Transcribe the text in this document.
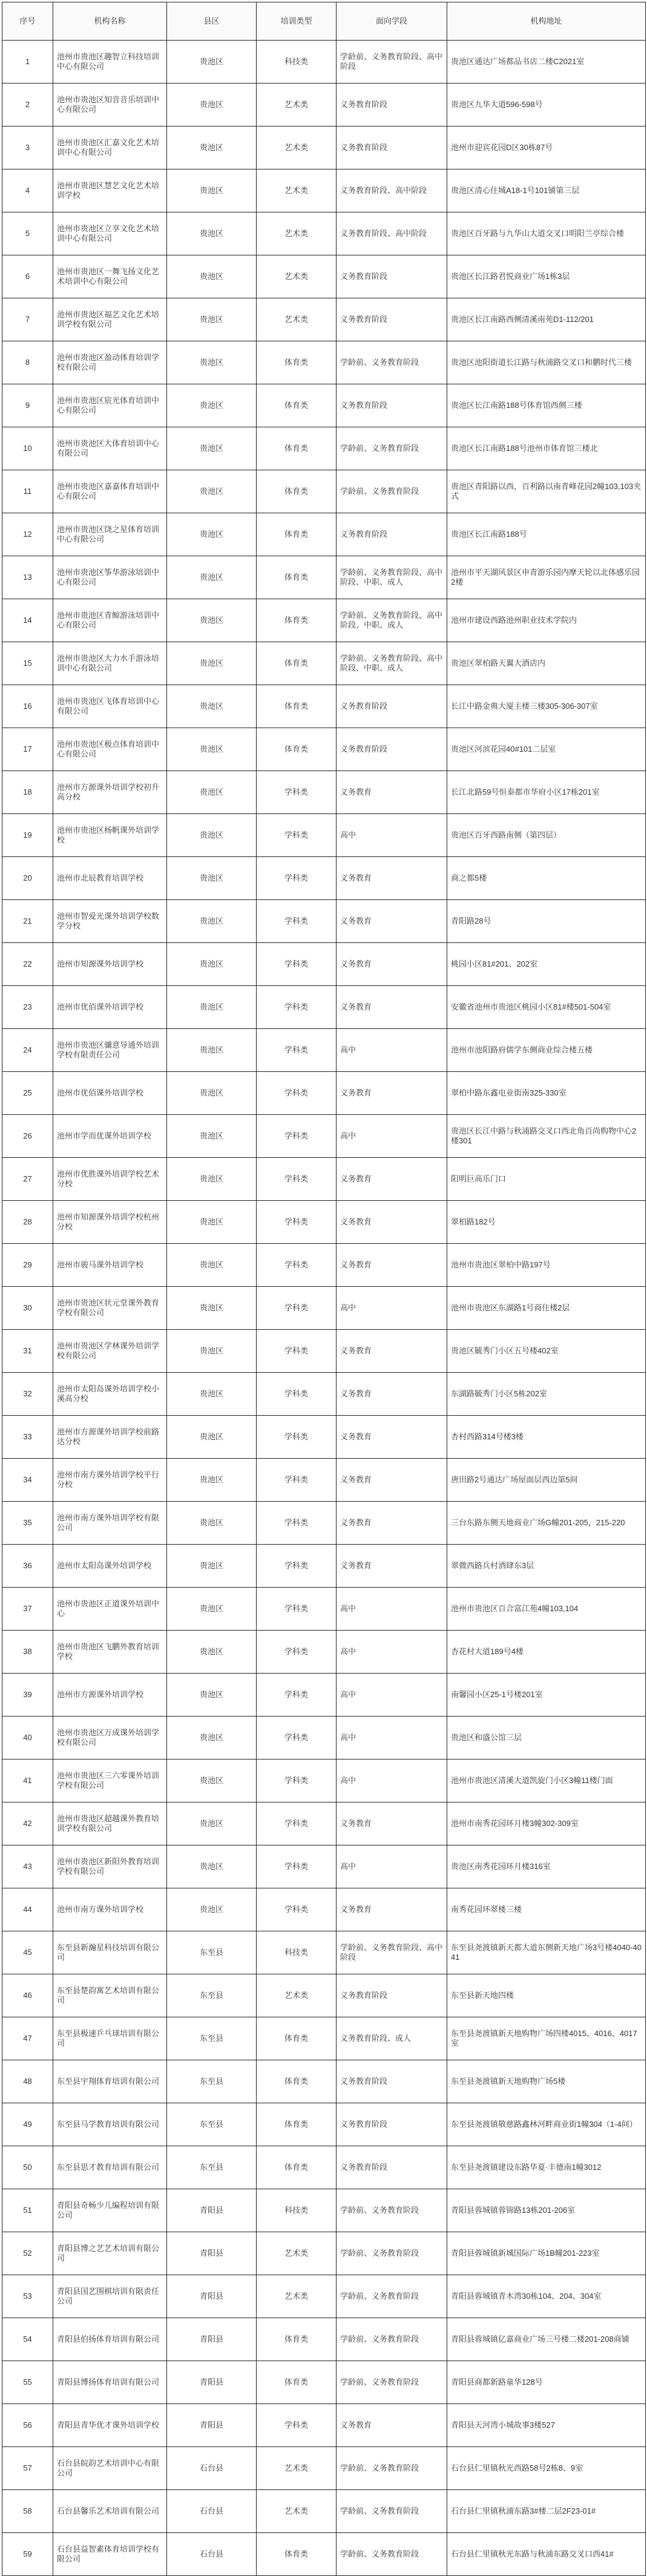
序号	机构名称	县区	培训类型	面向学段	机构地址
1	池州市贵池区趣智立科技培训中心有限公司	贵池区	科技类	学龄前、义务教育阶段、高中阶段	贵池区通达广场都品书店二楼C2021室
2	池州市贵池区知音音乐培训中心有限公司	贵池区	艺术类	义务教育阶段	贵池区九华大道596-598号
3	池州市贵池区汇嘉文化艺术培训中心有限公司	贵池区	艺术类	义务教育阶段	池州市迎宾花园D区30栋87号
4	池州市贵池区慧艺文化艺术培训学校	贵池区	艺术类	义务教育阶段、高中阶段	贵池区清心住城A18-1号101铺第三层
5	池州市贵池区立享文化艺术培训中心有限公司	贵池区	艺术类	义务教育阶段、高中阶段	贵池区百牙路与九华山大道交叉口明阳兰亭综合楼
6	池州市贵池区一舞飞扬文化艺术培训中心有限公司	贵池区	艺术类	义务教育阶段	贵池区长江路君悦商业广场1栋3层
7	池州市贵池区福艺文化艺术培训学校有限公司	贵池区	艺术类	义务教育阶段	贵池区长江南路西侧清溪南苑D1-112/201
8	池州市贵池区盈动体育培训学校有限公司	贵池区	体育类	学龄前、义务教育阶段	贵池区池阳街道长江路与秋浦路交叉口和鹏时代三楼
9	池州市贵池区宸光体育培训中心有限公司	贵池区	体育类	义务教育阶段	贵池区长江南路188号体育馆西侧三楼
10	池州市贵池区大体育培训中心有限公司	贵池区	体育类	学龄前、义务教育阶段	贵池区长江南路188号池州市体育馆三楼北
11	池州市贵池区嘉嘉体育培训中心有限公司	贵池区	体育类	学龄前、义务教育阶段	贵池区青阳路以西，百利路以南青峰花园2幢103,103夹式
12	池州市贵池区饶之星体育培训中心有限公司	贵池区	体育类	义务教育阶段	贵池区长江南路188号
13	池州市贵池区筝华游泳培训中心有限公司	贵池区	体育类	学龄前、义务教育阶段、高中阶段、中职、成人	池州市平天湖风景区申青游乐园内摩天轮以北体感乐园2楼
14	池州市贵池区青鲸游泳培训中心有限公司	贵池区	体育类	学龄前、义务教育阶段、高中阶段、中职、成人	池州市建设西路池州职业技术学院内
15	池州市贵池区大力水手游泳培训中心有限公司	贵池区	体育类	学龄前、义务教育阶段、高中阶段、中职、成人	贵池区翠柏路天翼大酒店内
16	池州市贵池区飞体育培训中心有限公司	贵池区	体育类	义务教育阶段	长江中路金典大厦主楼三楼305-306-307室
17	池州市贵池区极点体育培训中心有限公司	贵池区	体育类	义务教育阶段	贵池区河滨花园40#101二层室
18	池州市方源课外培训学校初升高分校	贵池区	学科类	义务教育	长江北路59号恒泰都市华府小区17栋201室
19	池州市贵池区杨帆课外培训学校	贵池区	学科类	高中	贵池区百牙西路南侧（第四层）
20	池州市北辰教育培训学校	贵池区	学科类	义务教育	商之都5楼
21	池州市智爱光课外培训学校数学分校	贵池区	学科类	义务教育	青阳路28号
22	池州市知源课外培训学校	贵池区	学科类	义务教育	桃园小区81#201、202室
23	池州市优佰课外培训学校	贵池区	学科类	义务教育	安徽省池州市贵池区桃园小区81#楼501-504室
24	池州市贵池区骧意导通外培训学校有限责任公司	贵池区	学科类	高中	池州市池阳路府儒学东侧商业综合楼五楼
25	池州市优佰课外培训学校	贵池区	学科类	义务教育	翠柏中路东鑫电业街南325-330室
26	池州市学而优课外培训学校	贵池区	学科类	高中	贵池区长江中路与秋浦路交叉口西北角百尚购物中心2楼301
27	池州市优胜课外培训学校艺术分校	贵池区	学科类	义务教育	阳明巨高乐门口
28	池州市知源课外培训学校杭州分校	贵池区	学科类	义务教育	翠柏路182号
29	池州市骏马课外培训学校	贵池区	学科类	义务教育	池州市贵池区翠柏中路197号
30	池州市贵池区状元堂课外教育学校有限公司	贵池区	学科类	高中	池州市贵池区东湖路1号商住楼2层
31	池州市贵池区学林课外培训学校有限公司	贵池区	学科类	义务教育	贵池区毓秀门小区五号楼402室
32	池州市太阳岛课外培训学校小溪高分校	贵池区	学科类	义务教育	东湖路毓秀门小区5栋202室
33	池州市方源课外培训学校前路达分校	贵池区	学科类	义务教育	杏村西路314号楼3楼
34	池州市南方课外培训学校平行分校	贵池区	学科类	义务教育	唐田路2号通达广场屋面层西边第5间
35	池州市南方课外培训学校有限公司	贵池区	学科类	义务教育	三台东路东侧天地商业广场G幢201-205，215-220
36	池州市太阳岛课外培训学校	贵池区	学科类	义务教育	翠微西路兵村酒肆东3层
37	池州市贵池区正道课外培训中心	贵池区	学科类	高中	池州市贵池区百合富江苑4幢103,104
38	池州市贵池区飞鹏外教育培训学校	贵池区	学科类	高中	杏花村大道189号4楼
39	池州市方源课外培训学校	贵池区	学科类	高中	南馨园小区25-1号楼201室
40	池州市贵池区万成课外培训学校有限公司	贵池区	学科类	高中	贵池区和盛公馆三层
41	池州市贵池区三六零课外培训学校有限公司	贵池区	学科类	高中	池州市贵池区清溪大道凯旋门小区3幢11楼门面
42	池州市贵池区超越课外教育培训学校有限公司	贵池区	学科类	义务教育	池州市南秀花园环月楼3幢302-309室
43	池州市贵池区新阳外教育培训学校有限公司	贵池区	学科类	高中	贵池区南秀花园环月楼316室
44	池州市南方课外培训学校	贵池区	学科类	义务教育	南秀花园环翠楼三楼
45	东至县新瀚星科技培训有限公司	东至县	科技类	学龄前、义务教育阶段、高中阶段	东至县尧渡镇新天都大道东侧新天地广场3号楼4040-4041
46	东至县楚韵寓艺术培训有限公司	东至县	艺术类	义务教育阶段	东至县新天地四楼
47	东至县极速乒乓球培训有限公司	东至县	体育类	义务教育阶段、成人	东至县尧渡镇新天地购物广场四楼4015、4016、4017室
48	东至县宇翔体育培训有限公司	东至县	体育类	义务教育阶段	东至县尧渡镇新天地购物广场5楼
49	东至县马学教育培训有限公司	东至县	体育类	义务教育阶段	东至县尧渡镇敬慈路鑫林河畔商业街1幢304（1-4间）
50	东至县思才教育培训有限公司	东至县	体育类	义务教育阶段	东至县尧渡镇建设东路华夏·丰德南1幢3012
51	青阳县奇畅少儿编程培训有限公司	青阳县	科技类	学龄前、义务教育阶段	青阳县蓉城镇蓉锦路13栋201-206室
52	青阳县博之艺艺术培训有限公司	青阳县	艺术类	学龄前、义务教育阶段	青阳县蓉城镇新城国际广场1B幢201-223室
53	青阳县国艺围棋培训有限责任公司	青阳县	艺术类	学龄前、义务教育阶段	青阳县蓉城镇青木湾30栋104、204、304室
54	青阳县伯扬体育培训有限公司	青阳县	体育类	学龄前、义务教育阶段	青阳县蓉城镇亿嘉商业广场三号楼二楼201-208商铺
55	青阳县博扬体育培训有限公司	青阳县	体育类	学龄前、义务教育阶段	青阳县商都新路童华128号
56	青阳县青华优才课外培训学校	青阳县	学科类	义务教育	青阳县天河湾小城故事3楼527
57	石台县皖韵艺术培训中心有限公司	石台县	艺术类	学龄前、义务教育阶段	石台县仁里镇秋光西路58号2栋8、9室
58	石台县馨乐艺术培训有限公司	石台县	艺术类	学龄前、义务教育阶段	石台县仁里镇秋浦东路3#楼二层2F23-01#
59	石台县益智素体育培训学校有限公司	石台县	体育类	学龄前、义务教育阶段	石台县仁里镇秋光东路与秋浦东路交叉口西41#
